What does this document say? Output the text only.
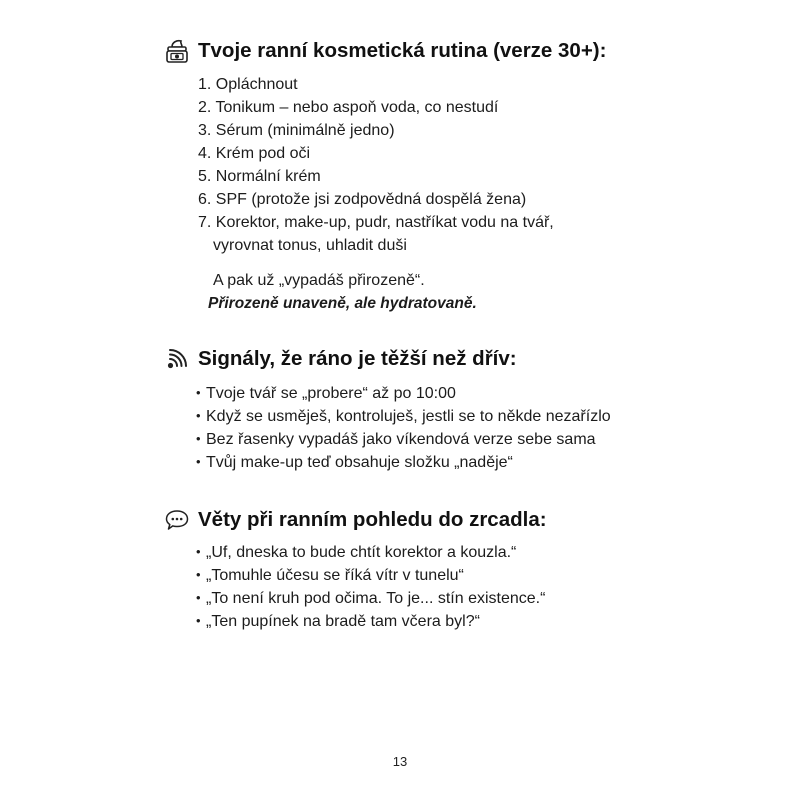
Tvoje ranní kosmetická rutina (verze 30+):
1. Opláchnout
2. Tonikum – nebo aspoň voda, co nestudí
3. Sérum (minimálně jedno)
4. Krém pod oči
5. Normální krém
6. SPF (protože jsi zodpovědná dospělá žena)
7. Korektor, make-up, pudr, nastříkat vodu na tvář,
vyrovnat tonus, uhladit duši
A pak už „vypadáš přirozeně“.
Přirozeně unaveně, ale hydratovaně.
Signály, že ráno je těžší než dřív:
• Tvoje tvář se „probere“ až po 10:00
• Když se usměješ, kontroluješ, jestli se to někde nezařízlo
• Bez řasenky vypadáš jako víkendová verze sebe sama
• Tvůj make-up teď obsahuje složku „naděje“
Věty při ranním pohledu do zrcadla:
• „Uf, dneska to bude chtít korektor a kouzla.“
• „Tomuhle účesu se říká vítr v tunelu“
• „To není kruh pod očima. To je... stín existence.“
• „Ten pupínek na bradě tam včera byl?“
13
